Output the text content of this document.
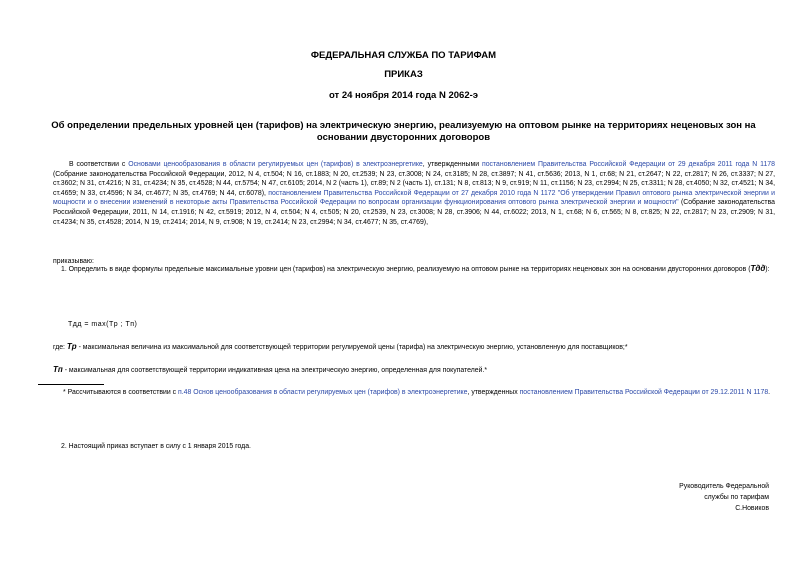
ФЕДЕРАЛЬНАЯ СЛУЖБА ПО ТАРИФАМ
ПРИКАЗ
от 24 ноября 2014 года N 2062-э
Об определении предельных уровней цен (тарифов) на электрическую энергию, реализуемую на оптовом рынке на территориях неценовых зон на основании двусторонних договоров
В соответствии с Основами ценообразования в области регулируемых цен (тарифов) в электроэнергетике, утвержденными постановлением Правительства Российской Федерации от 29 декабря 2011 года N 1178 (Собрание законодательства Российской Федерации, 2012, N 4, ст.504; N 16, ст.1883; N 20, ст.2539; N 23, ст.3008; N 24, ст.3185; N 28, ст.3897; N 41, ст.5636; 2013, N 1, ст.68; N 21, ст.2647; N 22, ст.2817; N 26, ст.3337; N 27, ст.3602; N 31, ст.4216; N 31, ст.4234; N 35, ст.4528; N 44, ст.5754; N 47, ст.6105; 2014, N 2 (часть 1), ст.89; N 2 (часть 1), ст.131; N 8, ст.813; N 9, ст.919; N 11, ст.1156; N 23, ст.2994; N 25, ст.3311; N 28, ст.4050; N 32, ст.4521; N 34, ст.4659; N 33, ст.4596; N 34, ст.4677; N 35, ст.4769; N 44, ст.6078), постановлением Правительства Российской Федерации от 27 декабря 2010 года N 1172 "Об утверждении Правил оптового рынка электрической энергии и мощности и о внесении изменений в некоторые акты Правительства Российской Федерации по вопросам организации функционирования оптового рынка электрической энергии и мощности" (Собрание законодательства Российской Федерации, 2011, N 14, ст.1916; N 42, ст.5919; 2012, N 4, ст.504; N 4, ст.505; N 20, ст.2539, N 23, ст.3008; N 28, ст.3906; N 44, ст.6022; 2013, N 1, ст.68; N 6, ст.565; N 8, ст.825; N 22, ст.2817; N 23, ст.2909; N 31, ст.4234; N 35, ст.4528; 2014, N 19, ст.2414; 2014, N 9, ст.908; N 19, ст.2414; N 23, ст.2994; N 34, ст.4677; N 35, ст.4769),
приказываю:
1. Определить в виде формулы предельные максимальные уровни цен (тарифов) на электрическую энергию, реализуемую на оптовом рынке на территориях неценовых зон на основании двусторонних договоров (Tдд):
Tдд = max(Tр ; Tп)
где: Tр - максимальная величина из максимальной для соответствующей территории регулируемой цены (тарифа) на электрическую энергию, установленную для поставщиков;*
Tп - максимальная для соответствующей территории индикативная цена на электрическую энергию, определенная для покупателей.*
* Рассчитываются в соответствии с п.48 Основ ценообразования в области регулируемых цен (тарифов) в электроэнергетике, утвержденных постановлением Правительства Российской Федерации от 29.12.2011 N 1178.
2. Настоящий приказ вступает в силу с 1 января 2015 года.
Руководитель Федеральной
службы по тарифам
С.Новиков
